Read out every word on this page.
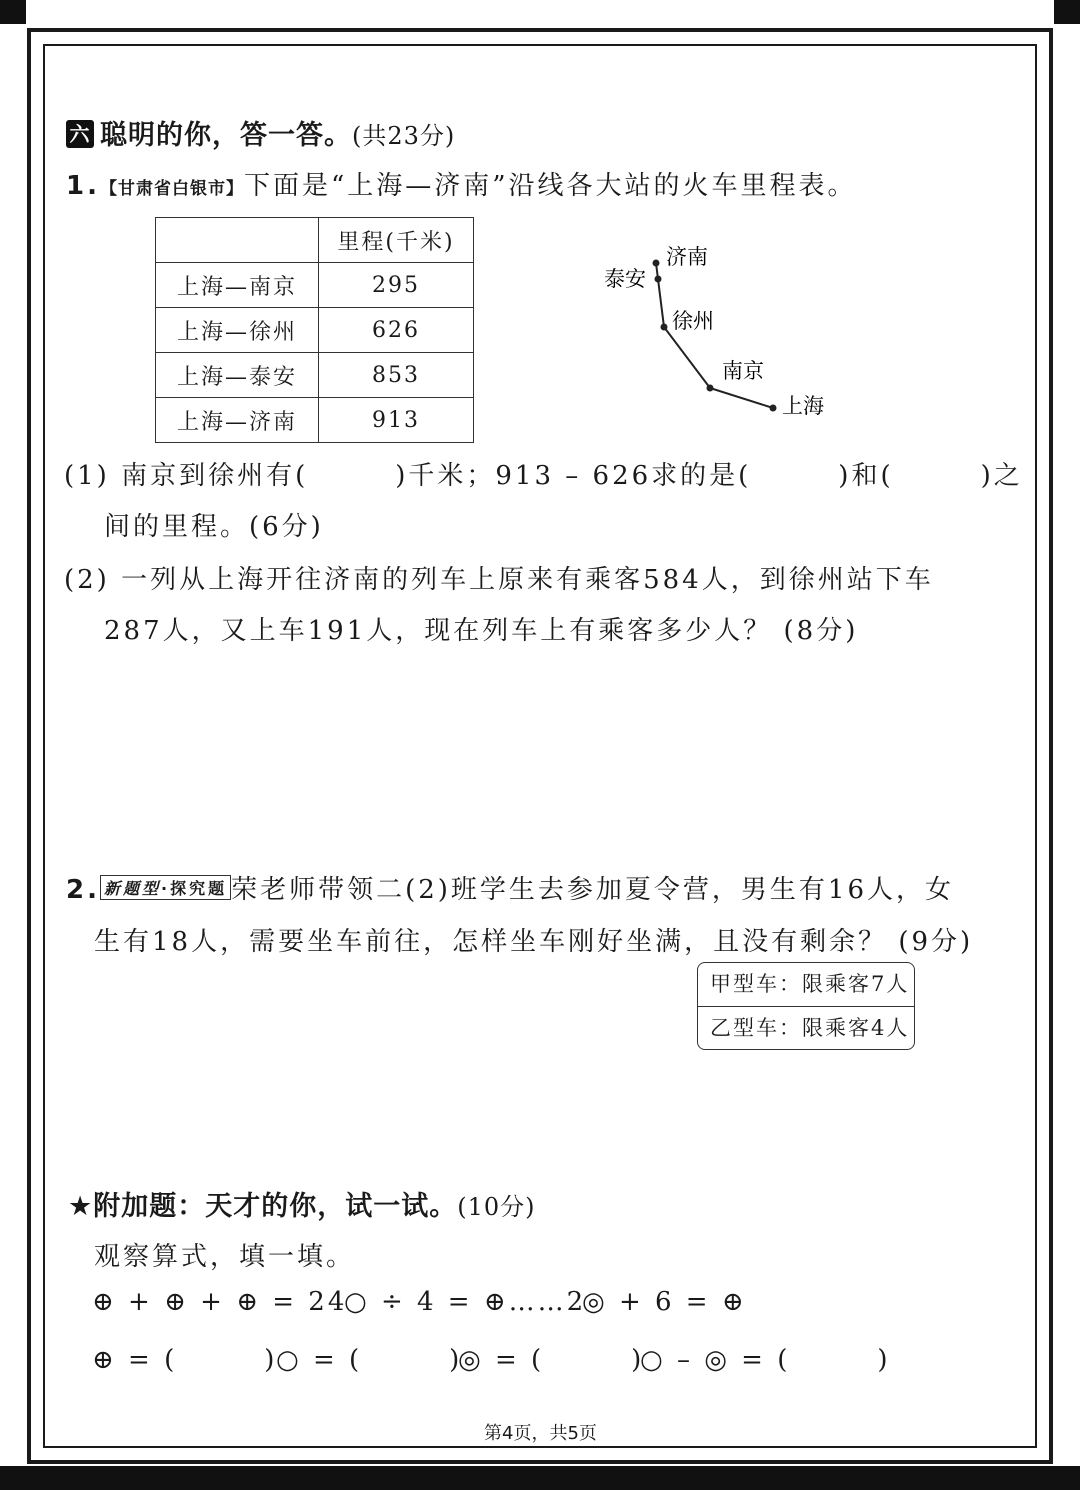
六 聪明的你，答一答。(共23分)
1.【甘肃省白银市】下面是“上海—济南”沿线各大站的火车里程表。
	里程(千米)
上海—南京	295
上海—徐州	626
上海—泰安	853
上海—济南	913
济南
泰安
徐州
南京
上海
(1) 南京到徐州有(　　　)千米；913 – 626求的是(　　　)和(　　　)之
间的里程。(6分)
(2) 一列从上海开往济南的列车上原来有乘客584人，到徐州站下车
287人，又上车191人，现在列车上有乘客多少人？ (8分)
2. 新题型·探究题 荣老师带领二(2)班学生去参加夏令营，男生有16人，女
生有18人，需要坐车前往，怎样坐车刚好坐满，且没有剩余？ (9分)
甲型车：限乘客7人
乙型车：限乘客4人
★附加题：天才的你，试一试。(10分)
观察算式，填一填。
⊕ + ⊕ + ⊕ = 24
○ ÷ 4 = ⊕……2
◎ + 6 = ⊕
⊕ = (　　　)
○ = (　　　)
◎ = (　　　)
○ – ◎ = (　　　)
第4页，共5页
